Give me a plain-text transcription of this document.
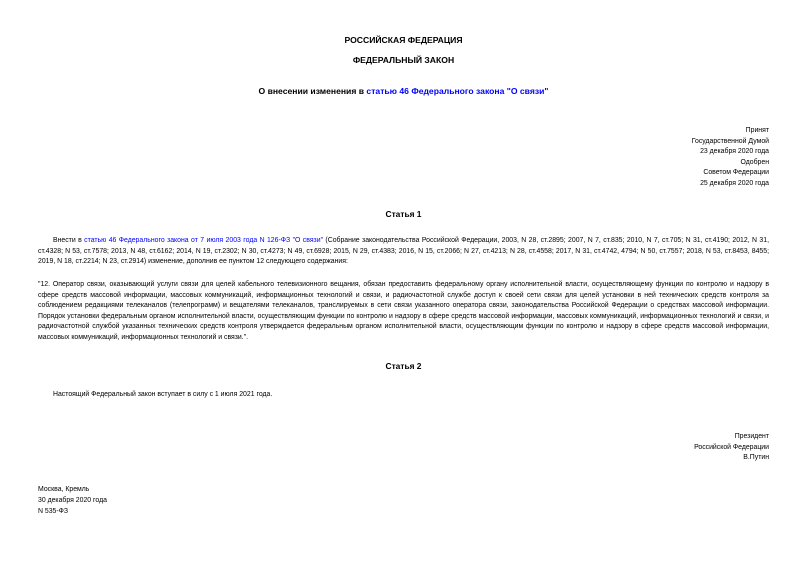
РОССИЙСКАЯ ФЕДЕРАЦИЯ
ФЕДЕРАЛЬНЫЙ ЗАКОН
О внесении изменения в статью 46 Федерального закона "О связи"
Принят
Государственной Думой
23 декабря 2020 года
Одобрен
Советом Федерации
25 декабря 2020 года
Статья 1
Внести в статью 46 Федерального закона от 7 июля 2003 года N 126-ФЗ "О связи" (Собрание законодательства Российской Федерации, 2003, N 28, ст.2895; 2007, N 7, ст.835; 2010, N 7, ст.705; N 31, ст.4190; 2012, N 31, ст.4328; N 53, ст.7578; 2013, N 48, ст.6162; 2014, N 19, ст.2302; N 30, ст.4273; N 49, ст.6928; 2015, N 29, ст.4383; 2016, N 15, ст.2066; N 27, ст.4213; N 28, ст.4558; 2017, N 31, ст.4742, 4794; N 50, ст.7557; 2018, N 53, ст.8453, 8455; 2019, N 18, ст.2214; N 23, ст.2914) изменение, дополнив ее пунктом 12 следующего содержания:
"12. Оператор связи, оказывающий услуги связи для целей кабельного телевизионного вещания, обязан предоставить федеральному органу исполнительной власти, осуществляющему функции по контролю и надзору в сфере средств массовой информации, массовых коммуникаций, информационных технологий и связи, и радиочастотной службе доступ к своей сети связи для целей установки в ней технических средств контроля за соблюдением редакциями телеканалов (телепрограмм) и вещателями телеканалов, транслируемых в сети связи указанного оператора связи, законодательства Российской Федерации о средствах массовой информации. Порядок установки федеральным органом исполнительной власти, осуществляющим функции по контролю и надзору в сфере средств массовой информации, массовых коммуникаций, информационных технологий и связи, и радиочастотной службой указанных технических средств контроля утверждается федеральным органом исполнительной власти, осуществляющим функции по контролю и надзору в сфере средств массовой информации, массовых коммуникаций, информационных технологий и связи.".
Статья 2
Настоящий Федеральный закон вступает в силу с 1 июля 2021 года.
Президент
Российской Федерации
В.Путин
Москва, Кремль
30 декабря 2020 года
N 535-ФЗ
